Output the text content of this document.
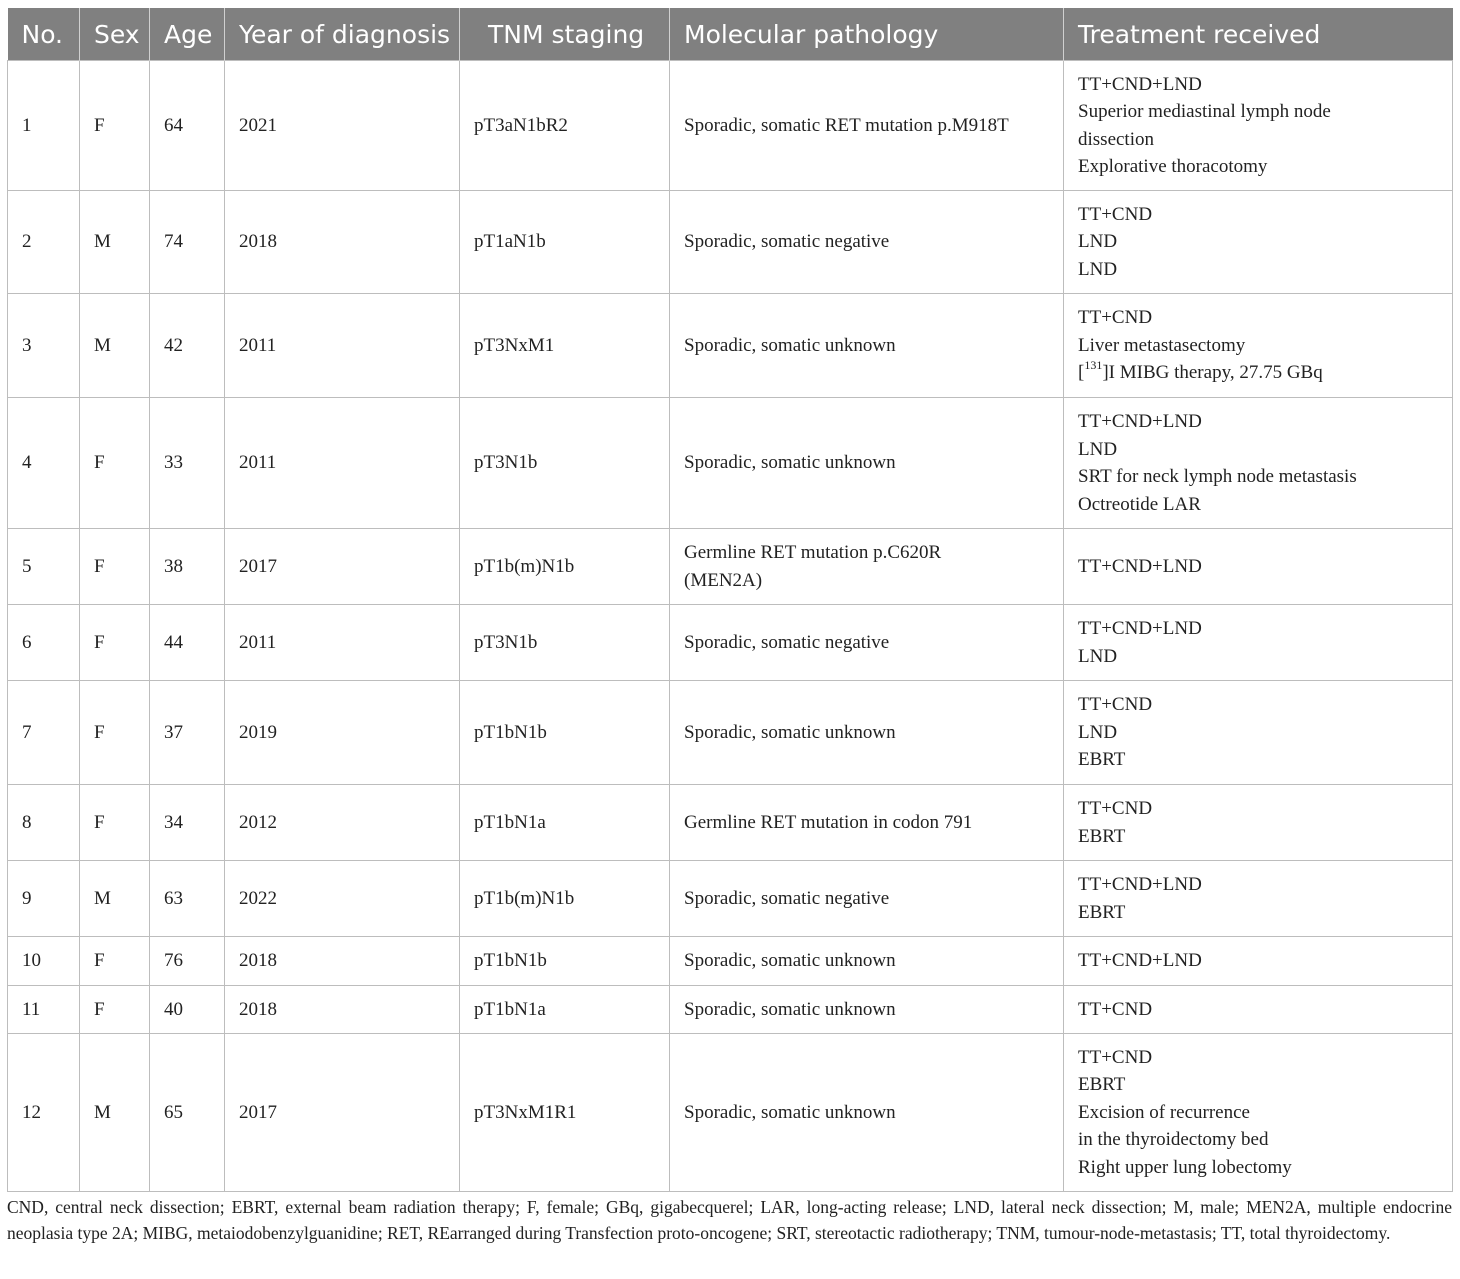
No.	Sex	Age	Year of diagnosis	TNM staging	Molecular pathology	Treatment received
1	F	64	2021	pT3aN1bR2	Sporadic, somatic RET mutation p.M918T	TT+CND+LND
Superior mediastinal lymph node
dissection
Explorative thoracotomy

2	M	74	2018	pT1aN1b	Sporadic, somatic negative	TT+CND
LND
LND

3	M	42	2011	pT3NxM1	Sporadic, somatic unknown	TT+CND
Liver metastasectomy
[$^{131}$]I MIBG therapy, 27.75 GBq

4	F	33	2011	pT3N1b	Sporadic, somatic unknown	TT+CND+LND
LND
SRT for neck lymph node metastasis
Octreotide LAR

5	F	38	2017	pT1b(m)N1b	Germline RET mutation p.C620R
(MEN2A)	TT+CND+LND

6	F	44	2011	pT3N1b	Sporadic, somatic negative	TT+CND+LND
LND

7	F	37	2019	pT1bN1b	Sporadic, somatic unknown	TT+CND
LND
EBRT

8	F	34	2012	pT1bN1a	Germline RET mutation in codon 791	TT+CND
EBRT

9	M	63	2022	pT1b(m)N1b	Sporadic, somatic negative	TT+CND+LND
EBRT

10	F	76	2018	pT1bN1b	Sporadic, somatic unknown	TT+CND+LND

11	F	40	2018	pT1bN1a	Sporadic, somatic unknown	TT+CND

12	M	65	2017	pT3NxM1R1	Sporadic, somatic unknown	TT+CND
EBRT
Excision of recurrence
in the thyroidectomy bed
Right upper lung lobectomy
CND, central neck dissection; EBRT, external beam radiation therapy; F, female; GBq, gigabecquerel; LAR, long-acting release; LND, lateral neck dissection; M, male; MEN2A, multiple endocrine neoplasia type 2A; MIBG, metaiodobenzylguanidine; RET, REarranged during Transfection proto-oncogene; SRT, stereotactic radiotherapy; TNM, tumour-node-metastasis; TT, total thyroidectomy.
